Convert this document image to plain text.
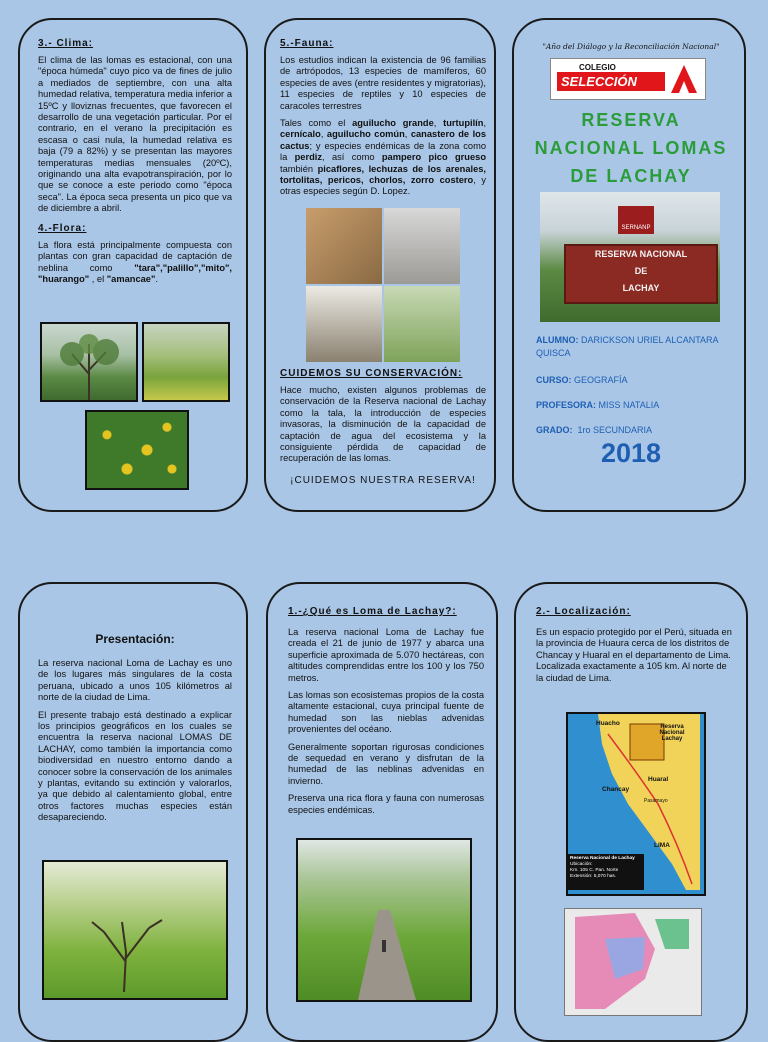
3.- Clima:
El clima de las lomas es estacional, con una "época húmeda" cuyo pico va de fines de julio a mediados de septiembre, con una alta humedad relativa, temperatura media inferior a 15ºC y lloviznas frecuentes, que favorecen el desarrollo de una vegetación particular. Por el contrario, en el verano la precipitación es escasa o casi nula, la humedad relativa es baja (79 a 82%) y se presentan las mayores temperaturas medias mensuales (20ºC), originando una alta evapotranspiración, por lo que se conoce a este periodo como "época seca". La época seca presenta un pico que va de diciembre a abril.
4.-Flora:
La flora está principalmente compuesta con plantas con gran capacidad de captación de neblina como "tara","palillo","mito", "huarango" , el "amancae".
5.-Fauna:
Los estudios indican la existencia de 96 familias de artrópodos, 13 especies de mamíferos, 60 especies de aves (entre residentes y migratorias), 11 especies de reptiles y 10 especies de caracoles terrestres
Tales como el aguilucho grande, turtupilín, cernícalo, aguilucho común, canastero de los cactus; y especies endémicas de la zona como la perdiz, así como pampero pico grueso también picaflores, lechuzas de los arenales, tortolitas, pericos, chorlos, zorro costero, y otras especies según D. Lopez.
CUIDEMOS SU CONSERVACIÓN:
Hace mucho, existen algunos problemas de conservación de la Reserva nacional de Lachay como la tala, la introducción de especies invasoras, la disminución de la capacidad de captación de agua del ecosistema y la consiguiente pérdida de capacidad de recuperación de las lomas.
¡CUIDEMOS NUESTRA RESERVA!
"Año del Diálogo y la Reconciliación Nacional"
COLEGIO
SELECCIÓN
RESERVA
NACIONAL LOMAS
DE LACHAY
SERNANP
RESERVA NACIONAL
DE
LACHAY
ALUMNO: DARICKSON URIEL ALCANTARA QUISCA
CURSO: GEOGRAFÍA
PROFESORA: MISS NATALIA
GRADO: 1ro SECUNDARIA
2018
Presentación:
La reserva nacional Loma de Lachay es uno de los lugares más singulares de la costa peruana, ubicado a unos 105 kilómetros al norte de la ciudad de Lima.
El presente trabajo está destinado a explicar los principios geográficos en los cuales se encuentra la reserva nacional LOMAS DE LACHAY, como también la importancia como biodiversidad en nuestro entorno dando a conocer sobre la conservación de los animales y plantas, evitando su extinción y valorarlos, ya que debido al calentamiento global, entre otros factores muchas especies están desapareciendo.
1.-¿Qué es Loma de Lachay?:
La reserva nacional Loma de Lachay fue creada el 21 de junio de 1977 y abarca una superficie aproximada de 5.070 hectáreas, con altitudes comprendidas entre los 100 y los 750 metros.
Las lomas son ecosistemas propios de la costa altamente estacional, cuya principal fuente de humedad son las nieblas advenidas provenientes del océano.
Generalmente soportan rigurosas condiciones de sequedad en verano y disfrutan de la humedad de las neblinas advenidas en invierno.
Preserva una rica flora y fauna con numerosas especies endémicas.
2.- Localización:
Es un espacio protegido por el Perú, situada en la provincia de Huaura cerca de los distritos de Chancay y Huaral en el departamento de Lima. Localizada exactamente a 105 km. Al norte de la ciudad de Lima.
Huacho	Reserva Nacional Lachay
Huaral
Chancay
Pasamayo
LIMA
Reserva Nacional de Lachay
Ubicación:
Km. 105 C. Pan. Norte
Extensión: 5,070 has.
